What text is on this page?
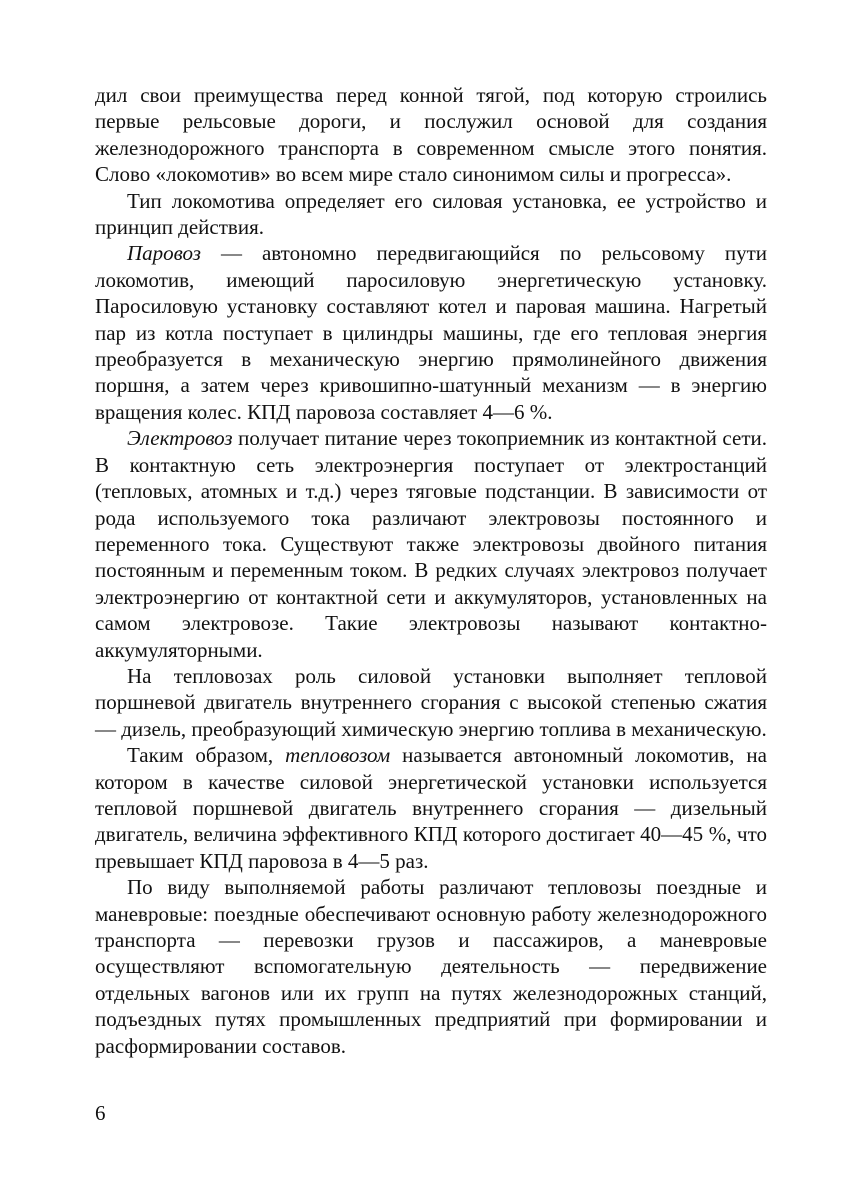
дил свои преимущества перед конной тягой, под которую строились первые рельсовые дороги, и послужил основой для создания железнодорожного транспорта в современном смысле этого понятия. Слово «локомотив» во всем мире стало синонимом силы и прогресса».

Тип локомотива определяет его силовая установка, ее устройство и принцип действия.

Паровоз — автономно передвигающийся по рельсовому пути локомотив, имеющий паросиловую энергетическую установку. Паросиловую установку составляют котел и паровая машина. Нагретый пар из котла поступает в цилиндры машины, где его тепловая энергия преобразуется в механическую энергию прямолинейного движения поршня, а затем через кривошипно-шатунный механизм — в энергию вращения колес. КПД паровоза составляет 4—6 %.

Электровоз получает питание через токоприемник из контактной сети. В контактную сеть электроэнергия поступает от электростанций (тепловых, атомных и т.д.) через тяговые подстанции. В зависимости от рода используемого тока различают электровозы постоянного и переменного тока. Существуют также электровозы двойного питания постоянным и переменным током. В редких случаях электровоз получает электроэнергию от контактной сети и аккумуляторов, установленных на самом электровозе. Такие электровозы называют контактно-аккумуляторными.

На тепловозах роль силовой установки выполняет тепловой поршневой двигатель внутреннего сгорания с высокой степенью сжатия — дизель, преобразующий химическую энергию топлива в механическую.

Таким образом, тепловозом называется автономный локомотив, на котором в качестве силовой энергетической установки используется тепловой поршневой двигатель внутреннего сгорания — дизельный двигатель, величина эффективного КПД которого достигает 40—45 %, что превышает КПД паровоза в 4—5 раз.

По виду выполняемой работы различают тепловозы поездные и маневровые: поездные обеспечивают основную работу железнодорожного транспорта — перевозки грузов и пассажиров, а маневровые осуществляют вспомогательную деятельность — передвижение отдельных вагонов или их групп на путях железнодорожных станций, подъездных путях промышленных предприятий при формировании и расформировании составов.

6
